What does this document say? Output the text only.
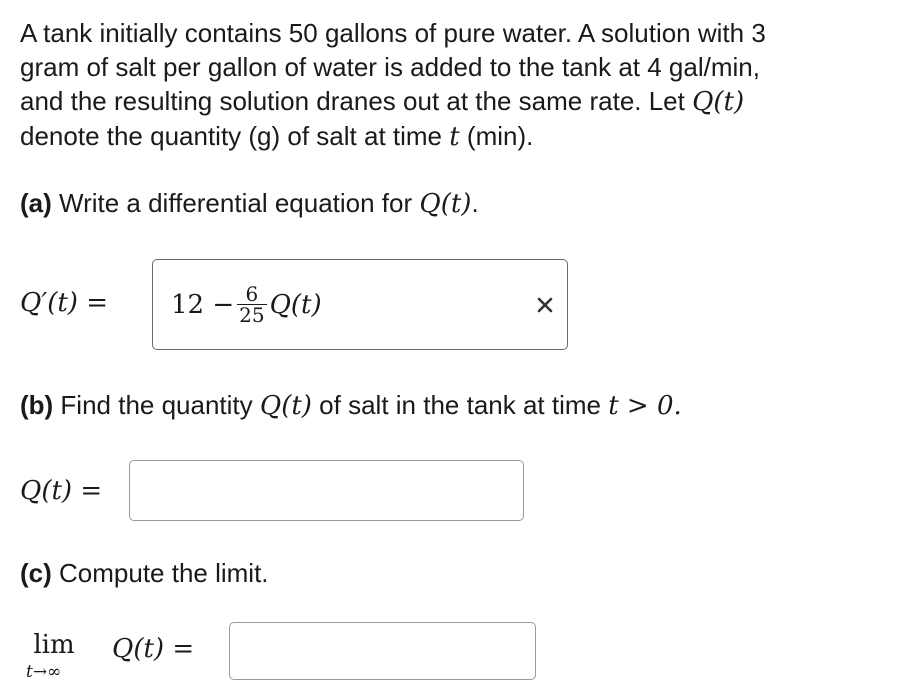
A tank initially contains 50 gallons of pure water. A solution with 3
gram of salt per gallon of water is added to the tank at 4 gal/min,
and the resulting solution dranes out at the same rate. Let Q(t)
denote the quantity (g) of salt at time t (min).
(a) Write a differential equation for Q(t).
$Q'(t) = 12 - \frac{6}{25} Q(t)$
(b) Find the quantity Q(t) of salt in the tank at time t > 0.
Q(t) =
(c) Compute the limit.
lim
t→∞
Q(t) =
